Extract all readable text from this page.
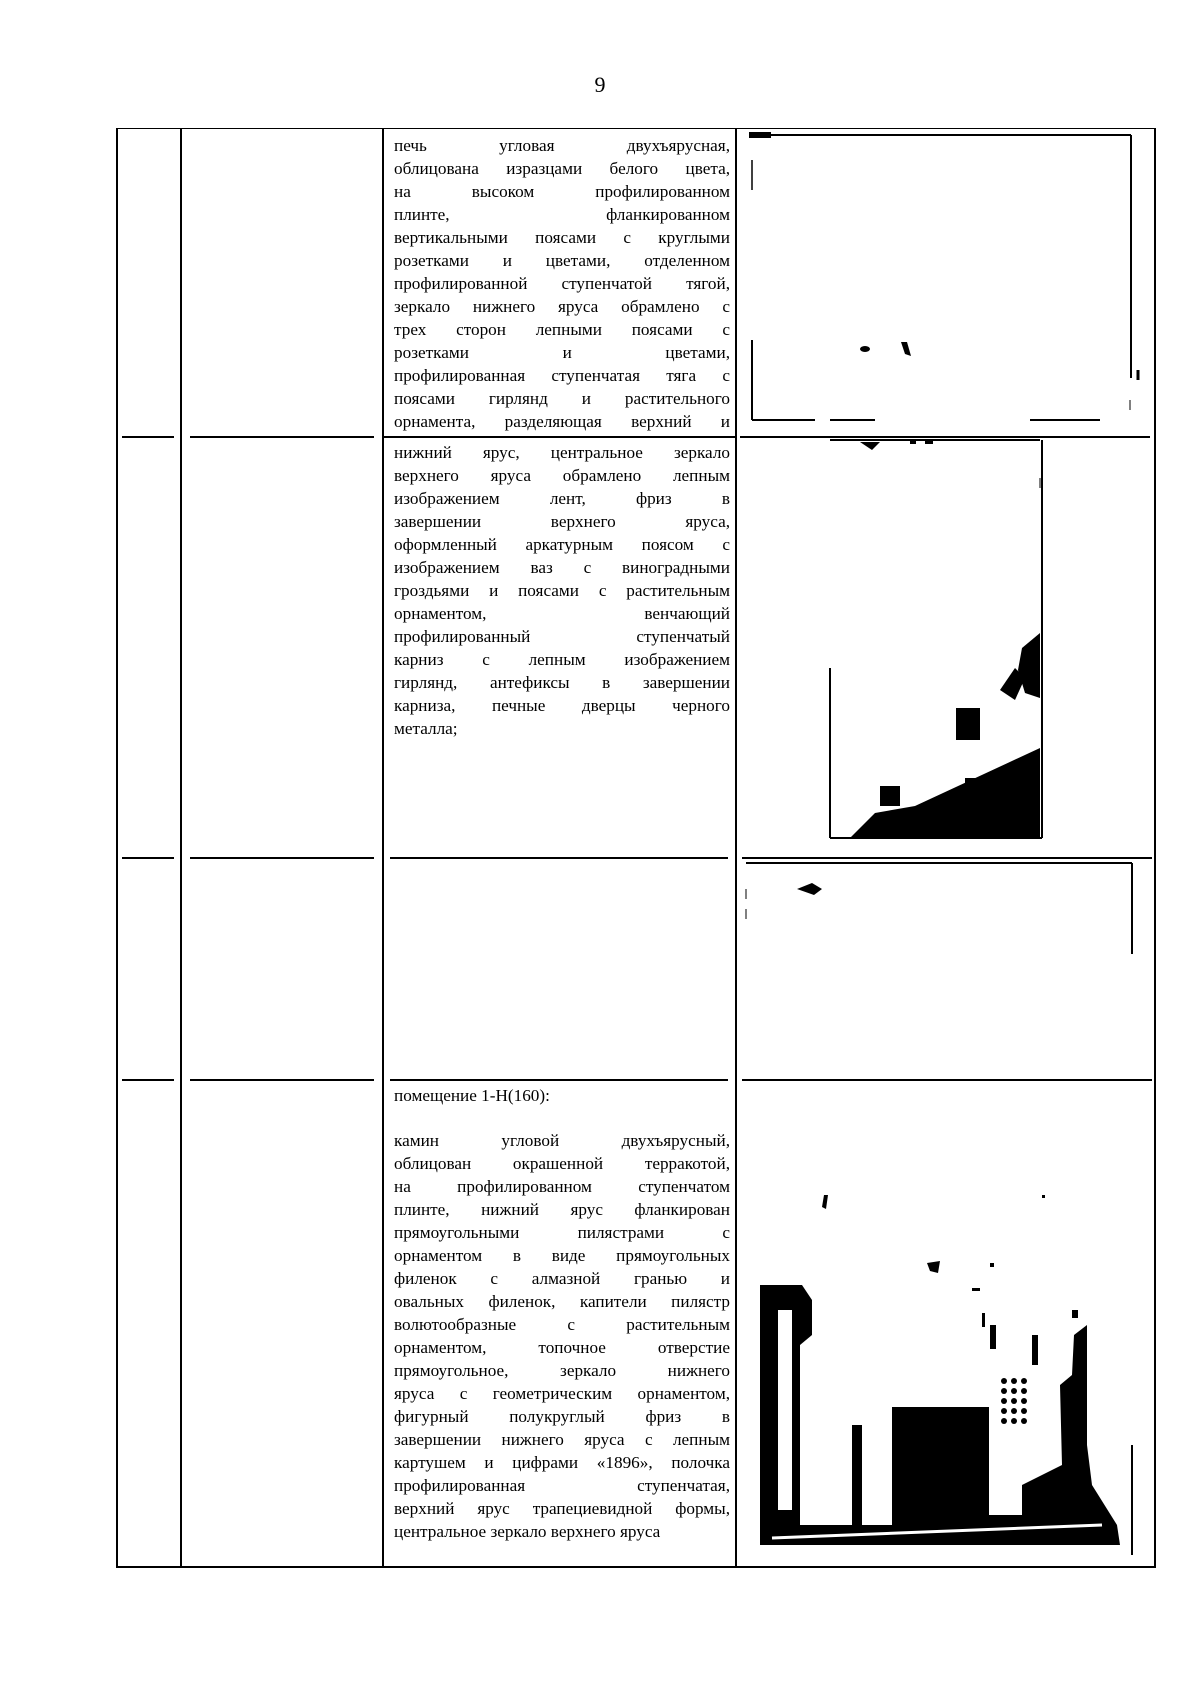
9
печь угловая двухъярусная,
облицована изразцами белого цвета,
на высоком профилированном
плинте, фланкированном
вертикальными поясами с круглыми
розетками и цветами, отделенном
профилированной ступенчатой тягой,
зеркало нижнего яруса обрамлено с
трех сторон лепными поясами с
розетками и цветами,
профилированная ступенчатая тяга с
поясами гирлянд и растительного
орнамента, разделяющая верхний и
нижний ярус, центральное зеркало
верхнего яруса обрамлено лепным
изображением лент, фриз в
завершении верхнего яруса,
оформленный аркатурным поясом с
изображением ваз с виноградными
гроздьями и поясами с растительным
орнаментом, венчающий
профилированный ступенчатый
карниз с лепным изображением
гирлянд, антефиксы в завершении
карниза, печные дверцы черного
металла;
помещение 1-Н(160):
камин угловой двухъярусный,
облицован окрашенной терракотой,
на профилированном ступенчатом
плинте, нижний ярус фланкирован
прямоугольными пилястрами с
орнаментом в виде прямоугольных
филенок с алмазной гранью и
овальных филенок, капители пилястр
волютообразные с растительным
орнаментом, топочное отверстие
прямоугольное, зеркало нижнего
яруса с геометрическим орнаментом,
фигурный полукруглый фриз в
завершении нижнего яруса с лепным
картушем и цифрами «1896», полочка
профилированная ступенчатая,
верхний ярус трапециевидной формы,
центральное зеркало верхнего яруса
